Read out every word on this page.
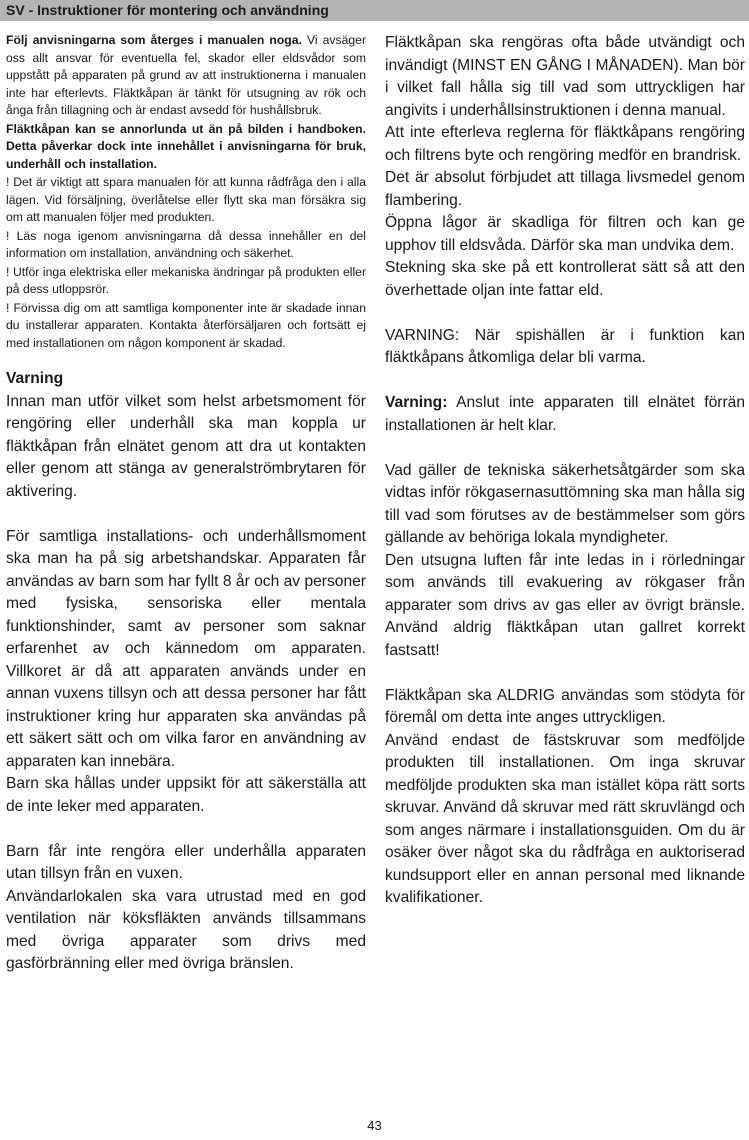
SV - Instruktioner för montering och användning

Följ anvisningarna som återges i manualen noga. Vi avsäger oss allt ansvar för eventuella fel, skador eller eldsvådor som uppstått på apparaten på grund av att instruktionerna i manualen inte har efterlevts. Fläktkåpan är tänkt för utsugning av rök och ånga från tillagning och är endast avsedd för hushållsbruk.

Fläktkåpan kan se annorlunda ut än på bilden i handboken. Detta påverkar dock inte innehållet i anvisningarna för bruk, underhåll och installation.

! Det är viktigt att spara manualen för att kunna rådfråga den i alla lägen. Vid försäljning, överlåtelse eller flytt ska man försäkra sig om att manualen följer med produkten.

! Läs noga igenom anvisningarna då dessa innehåller en del information om installation, användning och säkerhet.

! Utför inga elektriska eller mekaniska ändringar på produkten eller på dess utloppsrör.

! Förvissa dig om att samtliga komponenter inte är skadade innan du installerar apparaten. Kontakta återförsäljaren och fortsätt ej med installationen om någon komponent är skadad.

Varning

Innan man utför vilket som helst arbetsmoment för rengöring eller underhåll ska man koppla ur fläktkåpan från elnätet genom att dra ut kontakten eller genom att stänga av generalströmbrytaren för aktivering.

För samtliga installations- och underhållsmoment ska man ha på sig arbetshandskar. Apparaten får användas av barn som har fyllt 8 år och av personer med fysiska, sensoriska eller mentala funktionshinder, samt av personer som saknar erfarenhet av och kännedom om apparaten. Villkoret är då att apparaten används under en annan vuxens tillsyn och att dessa personer har fått instruktioner kring hur apparaten ska användas på ett säkert sätt och om vilka faror en användning av apparaten kan innebära.

Barn ska hållas under uppsikt för att säkerställa att de inte leker med apparaten.

Barn får inte rengöra eller underhålla apparaten utan tillsyn från en vuxen.

Användarlokalen ska vara utrustad med en god ventilation när köksfläkten används tillsammans med övriga apparater som drivs med gasförbränning eller med övriga bränslen.

Fläktkåpan ska rengöras ofta både utvändigt och invändigt (MINST EN GÅNG I MÅNADEN). Man bör i vilket fall hålla sig till vad som uttryckligen har angivits i underhållsinstruktionen i denna manual.

Att inte efterleva reglerna för fläktkåpans rengöring och filtrens byte och rengöring medför en brandrisk.

Det är absolut förbjudet att tillaga livsmedel genom flambering.

Öppna lågor är skadliga för filtren och kan ge upphov till eldsvåda. Därför ska man undvika dem.

Stekning ska ske på ett kontrollerat sätt så att den överhettade oljan inte fattar eld.

VARNING: När spishällen är i funktion kan fläktkåpans åtkomliga delar bli varma.

Varning: Anslut inte apparaten till elnätet förrän installationen är helt klar.

Vad gäller de tekniska säkerhetsåtgärder som ska vidtas inför rökgasernasuttömning ska man hålla sig till vad som förutses av de bestämmelser som görs gällande av behöriga lokala myndigheter.

Den utsugna luften får inte ledas in i rörledningar som används till evakuering av rökgaser från apparater som drivs av gas eller av övrigt bränsle. Använd aldrig fläktkåpan utan gallret korrekt fastsatt!

Fläktkåpan ska ALDRIG användas som stödyta för föremål om detta inte anges uttryckligen.

Använd endast de fästskruvar som medföljde produkten till installationen. Om inga skruvar medföljde produkten ska man istället köpa rätt sorts skruvar. Använd då skruvar med rätt skruvlängd och som anges närmare i installationsguiden. Om du är osäker över något ska du rådfråga en auktoriserad kundsupport eller en annan personal med liknande kvalifikationer.

43
